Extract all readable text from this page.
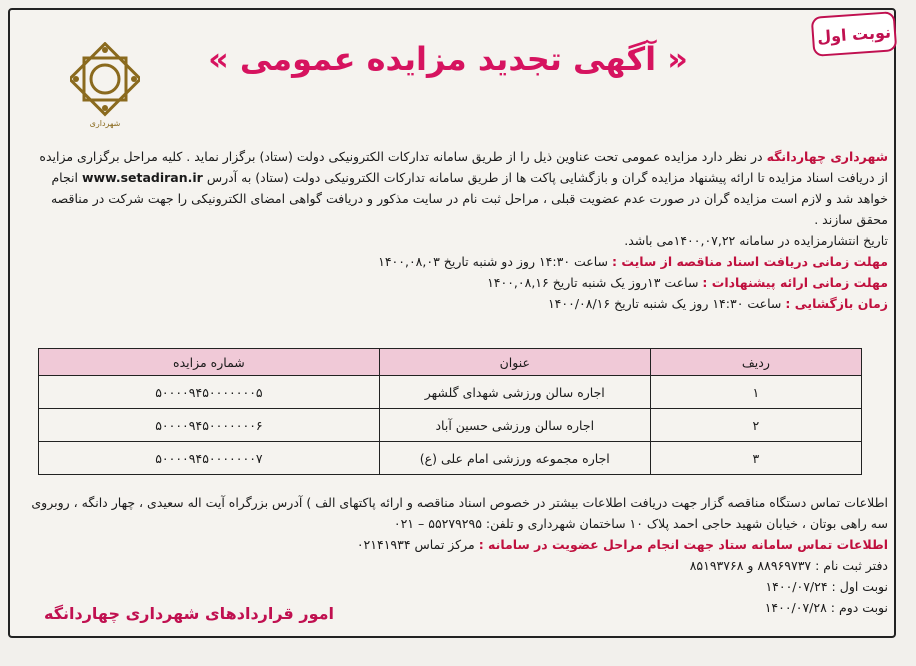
نوبت اول
« آگهی تجدید مزایده عمومی »
شهرداری

شهرداری چهاردانگه در نظر دارد مزایده عمومی تحت عناوین ذیل را از طریق سامانه تدارکات الکترونیکی دولت (ستاد) برگزار نماید . کلیه مراحل برگزاری مزایده از دریافت اسناد مزایده تا ارائه پیشنهاد مزایده گران و بازگشایی پاکت ها از طریق سامانه تدارکات الکترونیکی دولت (ستاد) به آدرس www.setadiran.ir انجام خواهد شد و لازم است مزایده گران در صورت عدم عضویت قبلی ، مراحل ثبت نام در سایت مذکور و دریافت گواهی امضای الکترونیکی را جهت شرکت در مناقصه محقق سازند .

تاریخ انتشارمزایده در سامانه ۱۴۰۰,۰۷,۲۲می باشد.

مهلت زمانی دریافت اسناد مناقصه از سایت : ساعت ۱۴:۳۰ روز دو شنبه تاریخ ۱۴۰۰,۰۸,۰۳

مهلت زمانی ارائه پیشنهادات : ساعت ۱۳روز یک شنبه تاریخ ۱۴۰۰,۰۸,۱۶

زمان بازگشایی : ساعت ۱۴:۳۰ روز یک شنبه تاریخ ۱۴۰۰/۰۸/۱۶

ردیف	عنوان	شماره مزایده
۱	اجاره سالن ورزشی شهدای گلشهر	۵۰۰۰۰۹۴۵۰۰۰۰۰۰۰۵
۲	اجاره سالن ورزشی حسین آباد	۵۰۰۰۰۹۴۵۰۰۰۰۰۰۰۶
۳	اجاره مجموعه ورزشی امام علی (ع)	۵۰۰۰۰۹۴۵۰۰۰۰۰۰۰۷

اطلاعات تماس دستگاه مناقصه گزار جهت دریافت اطلاعات بیشتر در خصوص اسناد مناقصه و ارائه پاکتهای الف ) آدرس بزرگراه آیت اله سعیدی ، چهار دانگه ، روبروی سه راهی بوتان ، خیابان شهید حاجی احمد پلاک ۱۰ ساختمان شهرداری و تلفن: ۵۵۲۷۹۲۹۵ – ۰۲۱

اطلاعات تماس سامانه ستاد جهت انجام مراحل عضویت در سامانه : مرکز تماس ۰۲۱۴۱۹۳۴

دفتر ثبت نام : ۸۸۹۶۹۷۳۷ و ۸۵۱۹۳۷۶۸

نوبت اول : ۱۴۰۰/۰۷/۲۴

نوبت دوم : ۱۴۰۰/۰۷/۲۸

امور قراردادهای شهرداری چهاردانگه
